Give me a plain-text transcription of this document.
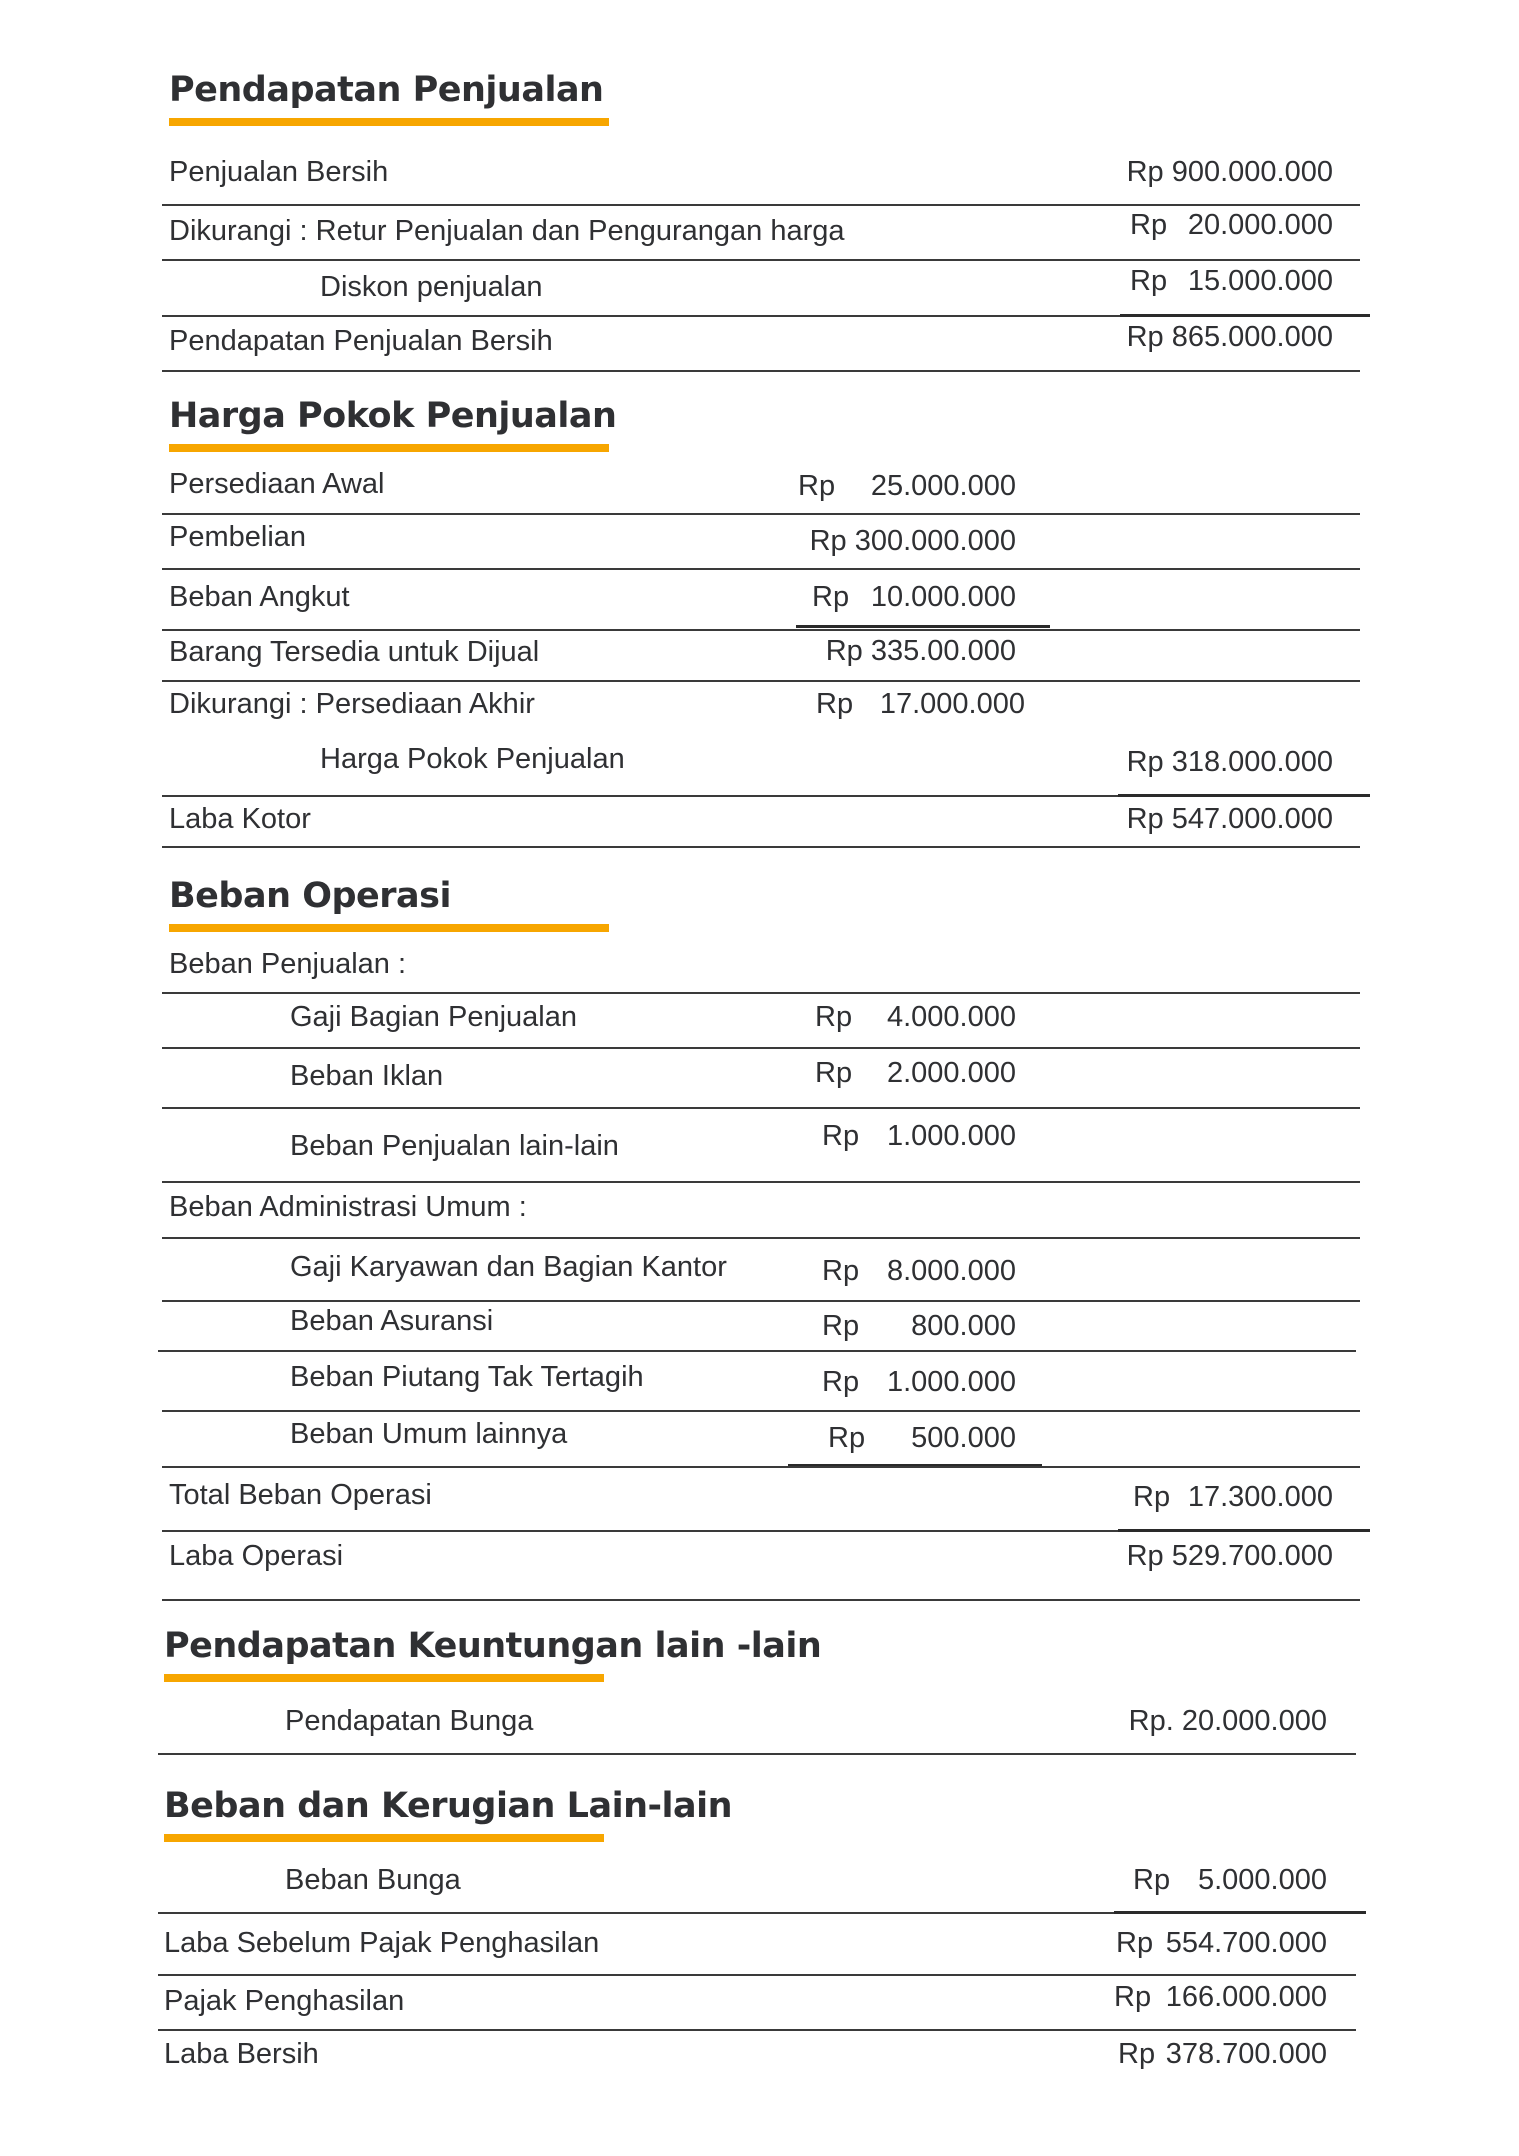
Pendapatan Penjualan
Penjualan Bersih	Rp 900.000.000
Dikurangi : Retur Penjualan dan Pengurangan harga	Rp 20.000.000
Diskon penjualan	Rp 15.000.000
Pendapatan Penjualan Bersih	Rp 865.000.000
Harga Pokok Penjualan
Persediaan Awal	Rp 25.000.000
Pembelian	Rp 300.000.000
Beban Angkut	Rp 10.000.000
Barang Tersedia untuk Dijual	Rp 335.00.000
Dikurangi : Persediaan Akhir	Rp 17.000.000
Harga Pokok Penjualan	Rp 318.000.000
Laba Kotor	Rp 547.000.000
Beban Operasi
Beban Penjualan :
Gaji Bagian Penjualan	Rp 4.000.000
Beban Iklan	Rp 2.000.000
Beban Penjualan lain-lain	Rp 1.000.000
Beban Administrasi Umum :
Gaji Karyawan dan Bagian Kantor	Rp 8.000.000
Beban Asuransi	Rp 800.000
Beban Piutang Tak Tertagih	Rp 1.000.000
Beban Umum lainnya	Rp 500.000
Total Beban Operasi	Rp 17.300.000
Laba Operasi	Rp 529.700.000
Pendapatan Keuntungan lain -lain
Pendapatan Bunga	Rp. 20.000.000
Beban dan Kerugian Lain-lain
Beban Bunga	Rp 5.000.000
Laba Sebelum Pajak Penghasilan	Rp 554.700.000
Pajak Penghasilan	Rp 166.000.000
Laba Bersih	Rp 378.700.000
